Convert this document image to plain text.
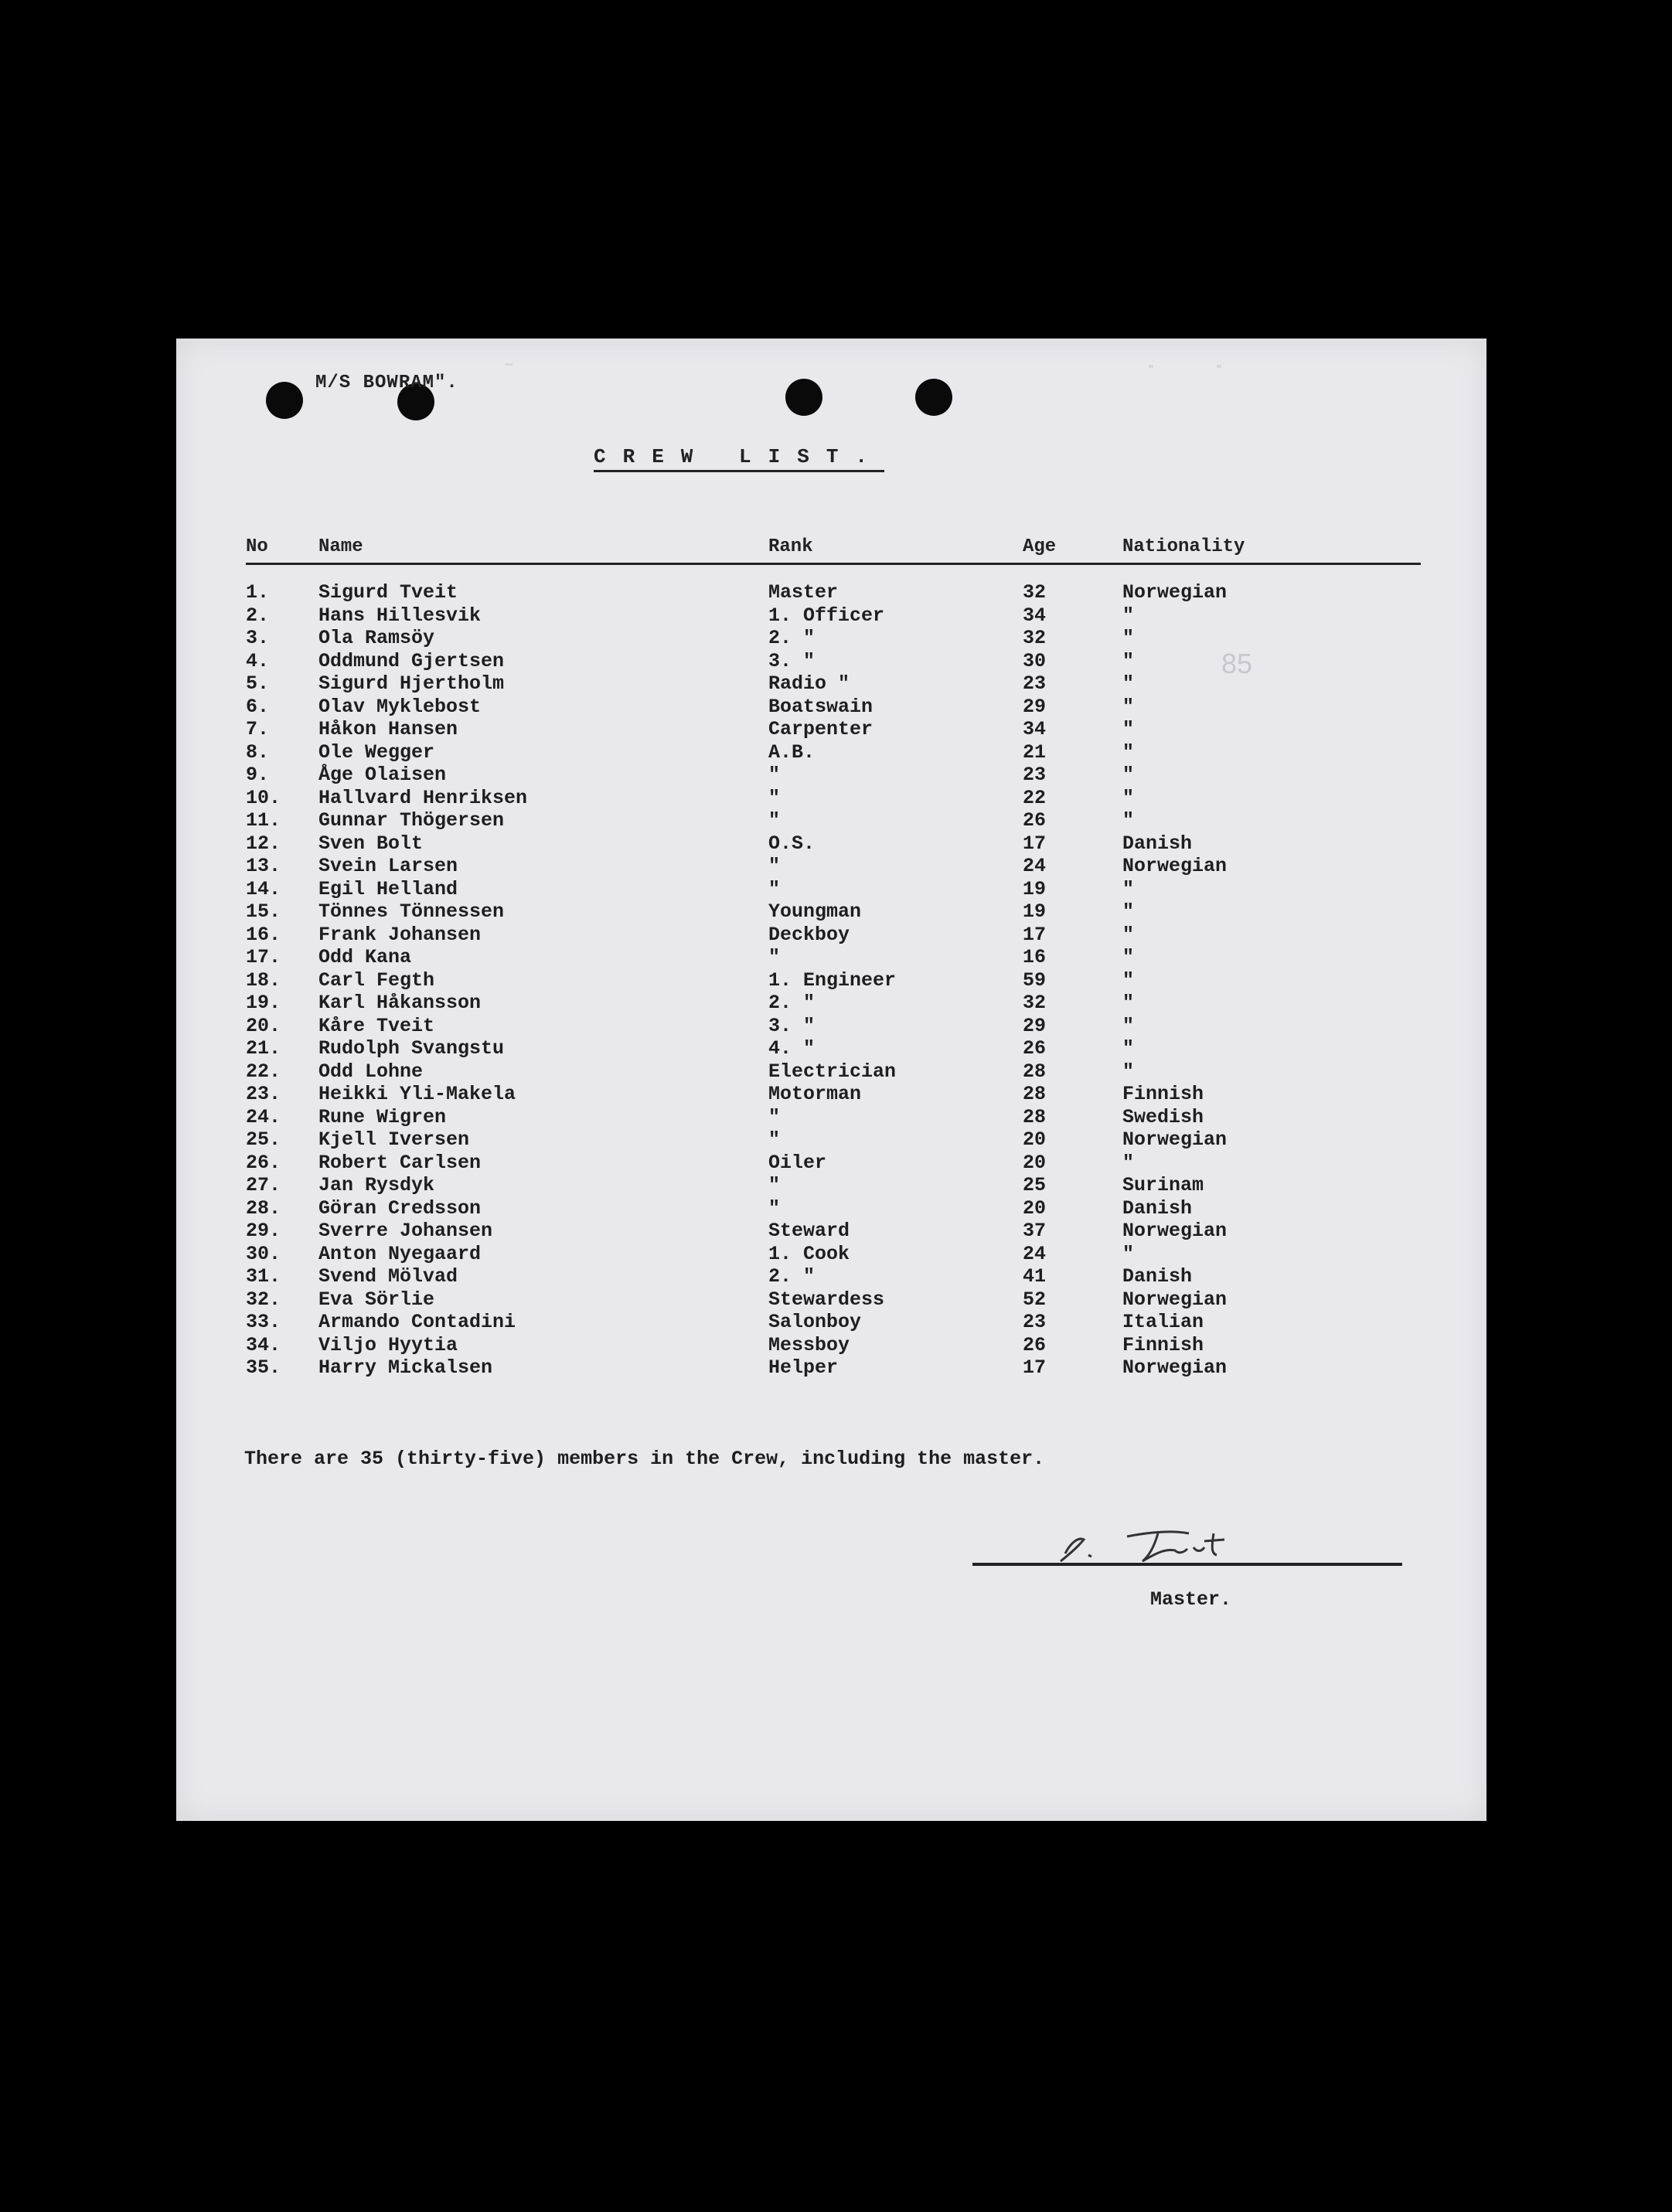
M/S BOWRAM".
CREW LIST.
85
No	Name	Rank	Age	Nationality
1.	Sigurd Tveit	Master	32	Norwegian
2.	Hans Hillesvik	1. Officer	34	"
3.	Ola Ramsöy	2. "	32	"
4.	Oddmund Gjertsen	3. "	30	"
5.	Sigurd Hjertholm	Radio "	23	"
6.	Olav Myklebost	Boatswain	29	"
7.	Håkon Hansen	Carpenter	34	"
8.	Ole Wegger	A.B.	21	"
9.	Åge Olaisen	"	23	"
10. Hallvard Henriksen	"	22	"
11. Gunnar Thögersen	"	26	"
12. Sven Bolt	O.S.	17	Danish
13. Svein Larsen	"	24	Norwegian
14. Egil Helland	"	19	"
15. Tönnes Tönnessen	Youngman	19	"
16. Frank Johansen	Deckboy	17	"
17. Odd Kana	"	16	"
18. Carl Fegth	1. Engineer	59	"
19. Karl Håkansson	2. "	32	"
20. Kåre Tveit	3. "	29	"
21. Rudolph Svangstu	4. "	26	"
22. Odd Lohne	Electrician	28	"
23. Heikki Yli-Makela	Motorman	28	Finnish
24. Rune Wigren	"	28	Swedish
25. Kjell Iversen	"	20	Norwegian
26. Robert Carlsen	Oiler	20	"
27. Jan Rysdyk	"	25	Surinam
28. Göran Credsson	"	20	Danish
29. Sverre Johansen	Steward	37	Norwegian
30. Anton Nyegaard	1. Cook	24	"
31. Svend Mölvad	2. "	41	Danish
32. Eva Sörlie	Stewardess	52	Norwegian
33. Armando Contadini	Salonboy	23	Italian
34. Viljo Hyytia	Messboy	26	Finnish
35. Harry Mickalsen	Helper	17	Norwegian
There are 35 (thirty-five) members in the Crew, including the master.
Master.
